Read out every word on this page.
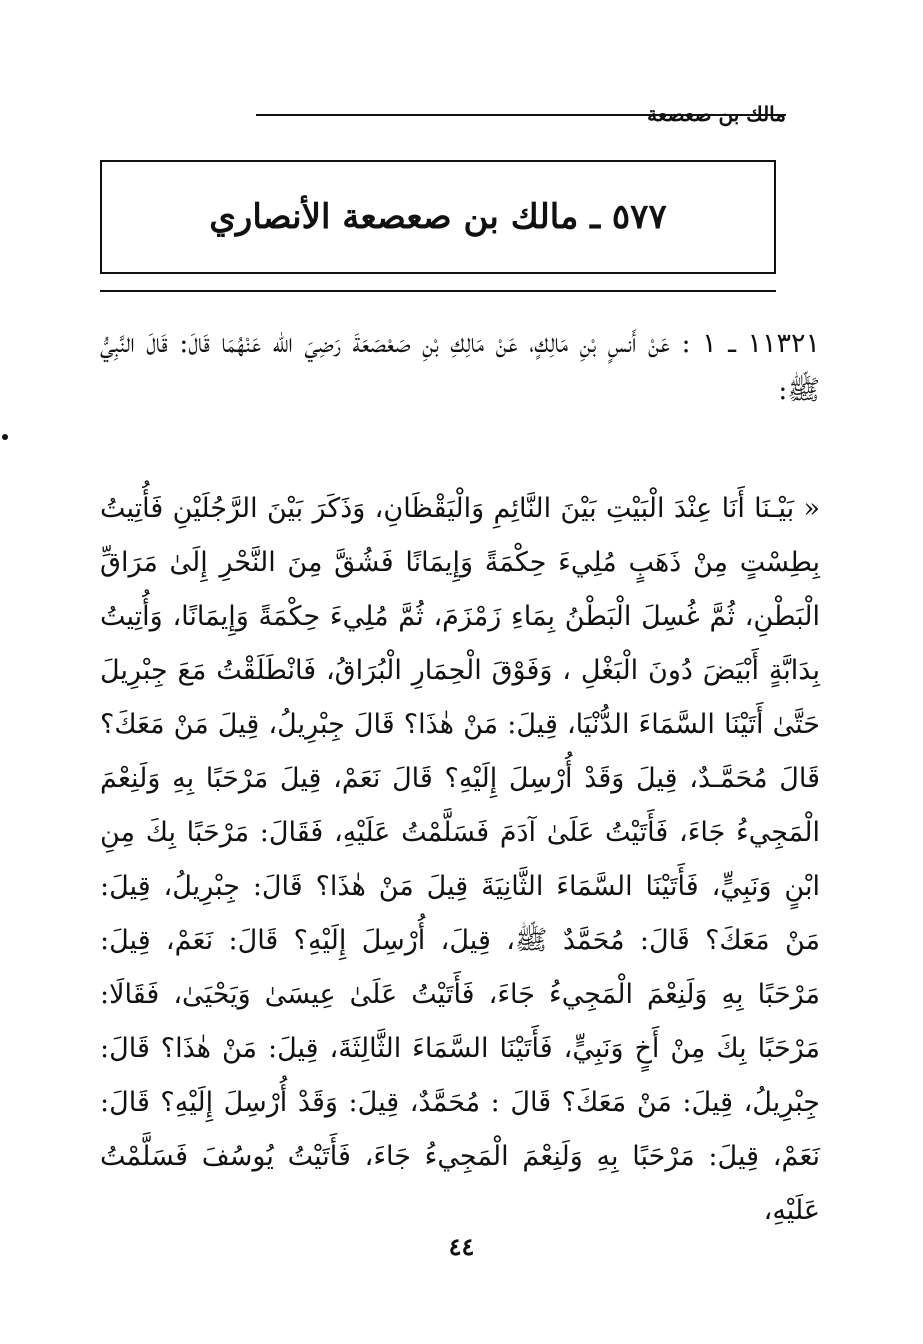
مالك بن صعصعة
٥٧٧ ـ مالك بن صعصعة الأنصاري

١١٣٢١ ـ ١ : عَنْ أَنسٍ بْنِ مَالِكٍ، عَنْ مَالِكِ بْنِ صَعْصَعَةَ رَضِيَ الله عَنْهُمَا قَالَ: قَالَ النَّبِيُّ ﷺ:

« بَيْـنَا أَنَا عِنْدَ الْبَيْتِ بَيْنَ النَّائِمِ وَالْيَقْظَانِ، وَذَكَرَ بَيْنَ الرَّجُلَيْنِ فَأُتِيتُ بِطِسْتٍ مِنْ ذَهَبٍ مُلِيءَ حِكْمَةً وَإِيمَانًا فَشُقَّ مِنَ النَّحْرِ إِلَىٰ مَرَاقِّ الْبَطْنِ، ثُمَّ غُسِلَ الْبَطْنُ بِمَاءِ زَمْزَمَ، ثُمَّ مُلِيءَ حِكْمَةً وَإِيمَانًا، وَأُتِيتُ بِدَابَّةٍ أَبْيَضَ دُونَ الْبَغْلِ ، وَفَوْقَ الْحِمَارِ الْبُرَاقُ، فَانْطَلَقْتُ مَعَ جِبْرِيلَ حَتَّىٰ أَتَيْنَا السَّمَاءَ الدُّنْيَا، قِيلَ: مَنْ هٰذَا؟ قَالَ جِبْرِيلُ، قِيلَ مَنْ مَعَكَ؟ قَالَ مُحَمَّـدٌ، قِيلَ وَقَدْ أُرْسِلَ إِلَيْهِ؟ قَالَ نَعَمْ، قِيلَ مَرْحَبًا بِهِ وَلَنِعْمَ الْمَجِيءُ جَاءَ، فَأَتَيْتُ عَلَىٰ آدَمَ فَسَلَّمْتُ عَلَيْهِ، فَقَالَ: مَرْحَبًا بِكَ مِنِ ابْنٍ وَنَبِيٍّ، فَأَتَيْنَا السَّمَاءَ الثَّانِيَةَ قِيلَ مَنْ هٰذَا؟ قَالَ: جِبْرِيلُ، قِيلَ: مَنْ مَعَكَ؟ قَالَ: مُحَمَّدٌ ﷺ، قِيلَ، أُرْسِلَ إِلَيْهِ؟ قَالَ: نَعَمْ، قِيلَ: مَرْحَبًا بِهِ وَلَنِعْمَ الْمَجِيءُ جَاءَ، فَأَتَيْتُ عَلَىٰ عِيسَىٰ وَيَحْيَىٰ، فَقَالَا: مَرْحَبًا بِكَ مِنْ أَخٍ وَنَبِيٍّ، فَأَتَيْنَا السَّمَاءَ الثَّالِثَةَ، قِيلَ: مَنْ هٰذَا؟ قَالَ: جِبْرِيلُ، قِيلَ: مَنْ مَعَكَ؟ قَالَ : مُحَمَّدٌ، قِيلَ: وَقَدْ أُرْسِلَ إِلَيْهِ؟ قَالَ: نَعَمْ، قِيلَ: مَرْحَبًا بِهِ وَلَنِعْمَ الْمَجِيءُ جَاءَ، فَأَتَيْتُ يُوسُفَ فَسَلَّمْتُ عَلَيْهِ،

٤٤
